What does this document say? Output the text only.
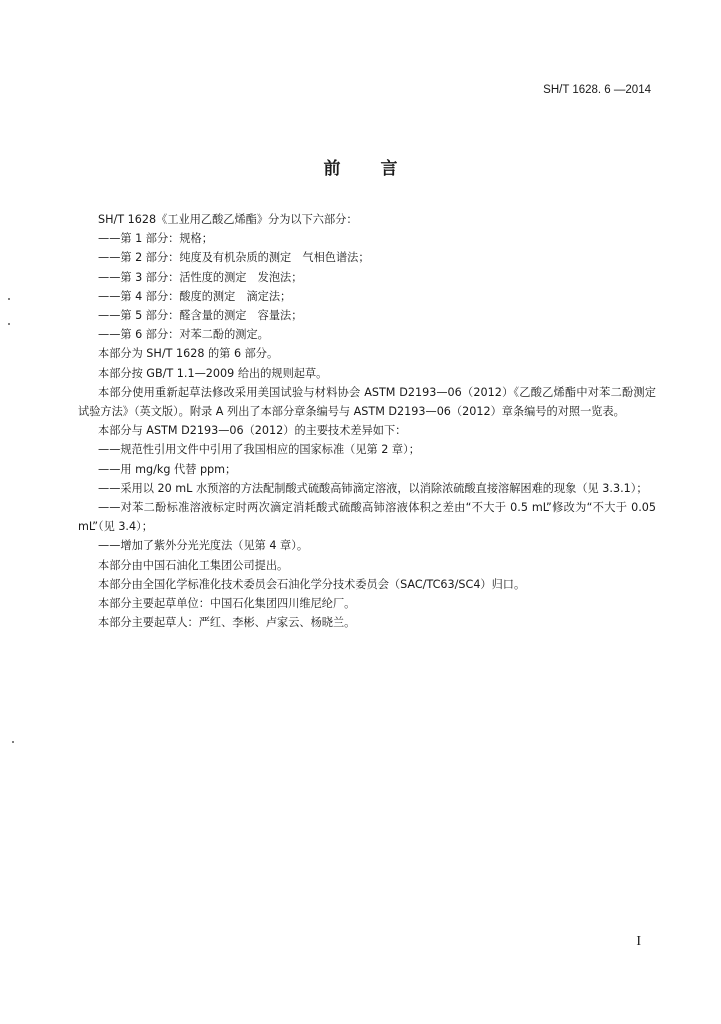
SH/T 1628. 6 —2014
前言

SH/T 1628《工业用乙酸乙烯酯》分为以下六部分：

——第 1 部分：规格；

——第 2 部分：纯度及有机杂质的测定　气相色谱法；

——第 3 部分：活性度的测定　发泡法；

——第 4 部分：酸度的测定　滴定法；

——第 5 部分：醛含量的测定　容量法；

——第 6 部分：对苯二酚的测定。

本部分为 SH/T 1628 的第 6 部分。

本部分按 GB/T 1.1—2009 给出的规则起草。

本部分使用重新起草法修改采用美国试验与材料协会 ASTM D2193—06（2012）《乙酸乙烯酯中对苯二酚测定试验方法》（英文版）。附录 A 列出了本部分章条编号与 ASTM D2193—06（2012）章条编号的对照一览表。

本部分与 ASTM D2193—06（2012）的主要技术差异如下：

——规范性引用文件中引用了我国相应的国家标准（见第 2 章）；

——用 mg/kg 代替 ppm；

——采用以 20 mL 水预溶的方法配制酸式硫酸高铈滴定溶液，以消除浓硫酸直接溶解困难的现象（见 3.3.1）；

——对苯二酚标准溶液标定时两次滴定消耗酸式硫酸高铈溶液体积之差由“不大于 0.5 mL”修改为“不大于 0.05 mL”（见 3.4）；

——增加了紫外分光光度法（见第 4 章）。

本部分由中国石油化工集团公司提出。

本部分由全国化学标准化技术委员会石油化学分技术委员会（SAC/TC63/SC4）归口。

本部分主要起草单位：中国石化集团四川维尼纶厂。

本部分主要起草人：严红、李彬、卢家云、杨晓兰。

I
